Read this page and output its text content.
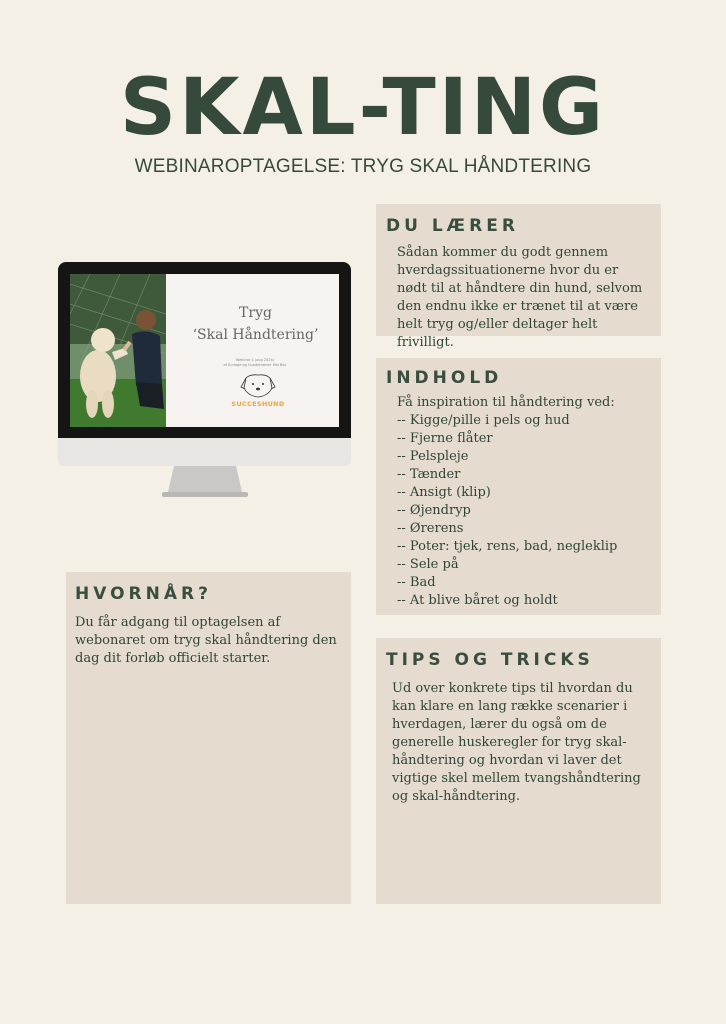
SKAL-TING
WEBINAROPTAGELSE: TRYG SKAL HÅNDTERING
Tryg
‘Skal Håndtering’
Webinar 4 (aug 2024)
af Eurlage og Hundetræner Mai Bay
SUCCESHUND
DU LÆRER

Sådan kommer du godt gennem hverdagssituationerne hvor du er nødt til at håndtere din hund, selvom den endnu ikke er trænet til at være helt tryg og/eller deltager helt frivilligt.

INDHOLD

Få inspiration til håndtering ved:

-- Kigge/pille i pels og hud
-- Fjerne flåter
-- Pelspleje
-- Tænder
-- Ansigt (klip)
-- Øjendryp
-- Ørerens
-- Poter: tjek, rens, bad, negleklip
-- Sele på
-- Bad
-- At blive båret og holdt
HVORNÅR?

Du får adgang til optagelsen af webonaret om tryg skal håndtering den dag dit forløb officielt starter.	TIPS OG TRICKS

Ud over konkrete tips til hvordan du kan klare en lang række scenarier i hverdagen, lærer du også om de generelle huskeregler for tryg skal-håndtering og hvordan vi laver det vigtige skel mellem tvangshåndtering og skal-håndtering.
